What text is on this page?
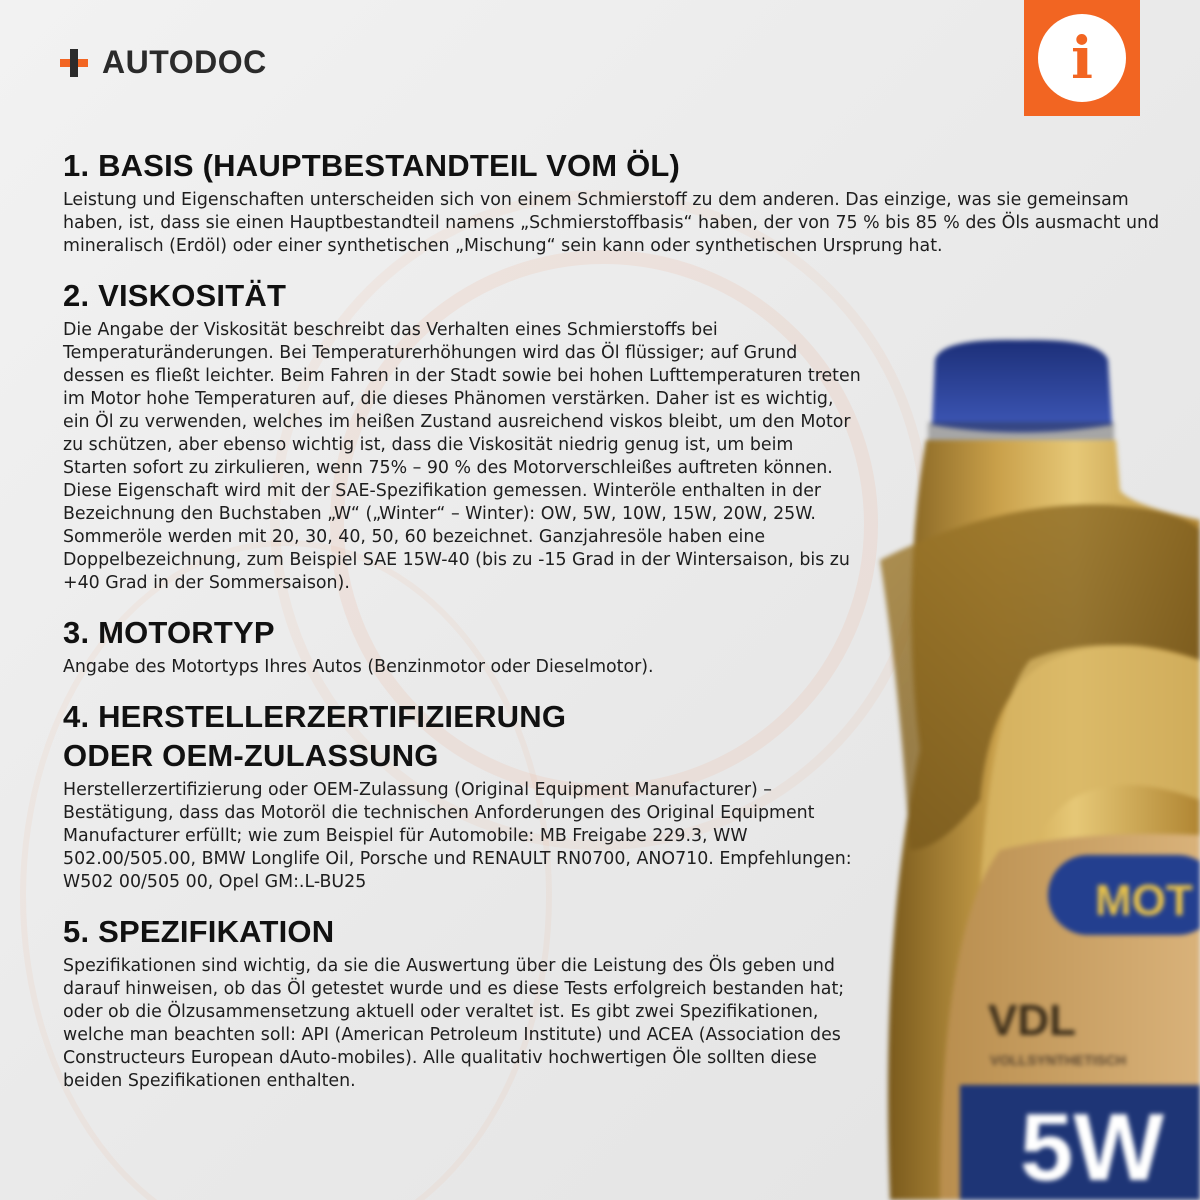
AUTODOC	i
MOT
VDL
VOLLSYNTHETISCH
5W
1. BASIS (HAUPTBESTANDTEIL VOM ÖL)

Leistung und Eigenschaften unterscheiden sich von einem Schmierstoff zu dem anderen. Das einzige, was sie gemeinsam haben, ist, dass sie einen Hauptbestandteil namens „Schmierstoffbasis“ haben, der von 75 % bis 85 % des Öls ausmacht und mineralisch (Erdöl) oder einer synthetischen „Mischung“ sein kann oder synthetischen Ursprung hat.

2. VISKOSITÄT

Die Angabe der Viskosität beschreibt das Verhalten eines Schmierstoffs bei Temperaturänderungen. Bei Temperaturerhöhungen wird das Öl flüssiger; auf Grund dessen es fließt leichter. Beim Fahren in der Stadt sowie bei hohen Lufttemperaturen treten im Motor hohe Temperaturen auf, die dieses Phänomen verstärken. Daher ist es wichtig, ein Öl zu verwenden, welches im heißen Zustand ausreichend viskos bleibt, um den Motor zu schützen, aber ebenso wichtig ist, dass die Viskosität niedrig genug ist, um beim Starten sofort zu zirkulieren, wenn 75% – 90 % des Motorverschleißes auftreten können. Diese Eigenschaft wird mit der SAE-Spezifikation gemessen. Winteröle enthalten in der Bezeichnung den Buchstaben „W“ („Winter“ – Winter): OW, 5W, 10W, 15W, 20W, 25W. Sommeröle werden mit 20, 30, 40, 50, 60 bezeichnet. Ganzjahresöle haben eine Doppelbezeichnung, zum Beispiel SAE 15W-40 (bis zu -15 Grad in der Wintersaison, bis zu +40 Grad in der Sommersaison).

3. MOTORTYP

Angabe des Motortyps Ihres Autos (Benzinmotor oder Dieselmotor).

4. HERSTELLERZERTIFIZIERUNG
ODER OEM-ZULASSUNG

Herstellerzertifizierung oder OEM-Zulassung (Original Equipment Manufacturer) – Bestätigung, dass das Motoröl die technischen Anforderungen des Original Equipment Manufacturer erfüllt; wie zum Beispiel für Automobile: MB Freigabe 229.3, WW 502.00/505.00, BMW Longlife Oil, Porsche und RENAULT RN0700, ANO710. Empfehlungen: W502 00/505 00, Opel GM:.L-BU25

5. SPEZIFIKATION

Spezifikationen sind wichtig, da sie die Auswertung über die Leistung des Öls geben und darauf hinweisen, ob das Öl getestet wurde und es diese Tests erfolgreich bestanden hat; oder ob die Ölzusammensetzung aktuell oder veraltet ist. Es gibt zwei Spezifikationen, welche man beachten soll: API (American Petroleum Institute) und ACEA (Association des Constructeurs European dAuto-mobiles). Alle qualitativ hochwertigen Öle sollten diese beiden Spezifikationen enthalten.
